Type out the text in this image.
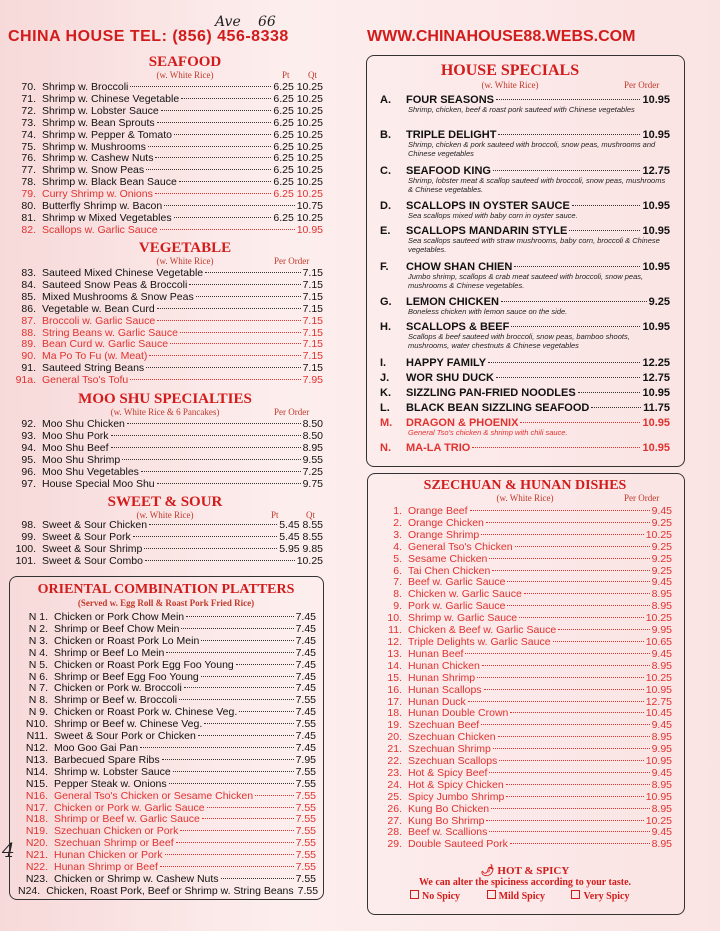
CHINA HOUSE TEL: (856) 456-8338	WWW.CHINAHOUSE88.WEBS.COM
Ave 66
4
SEAFOOD
(w. White Rice)	Pt Qt
70. Shrimp w. Broccoli	6.25 10.25
71. Shrimp w. Chinese Vegetable	6.25 10.25
72. Shrimp w. Lobster Sauce	6.25 10.25
73. Shrimp w. Bean Sprouts	6.25 10.25
74. Shrimp w. Pepper & Tomato	6.25 10.25
75. Shrimp w. Mushrooms	6.25 10.25
76. Shrimp w. Cashew Nuts	6.25 10.25
77. Shrimp w. Snow Peas	6.25 10.25
78. Shrimp w. Black Bean Sauce	6.25 10.25
79. Curry Shrimp w. Onions	6.25 10.25
80. Butterfly Shrimp w. Bacon	10.75
81. Shrimp w Mixed Vegetables	6.25 10.25
82. Scallops w. Garlic Sauce	10.95
VEGETABLE
(w. White Rice)	Per Order
83. Sauteed Mixed Chinese Vegetable	7.15
84. Sauteed Snow Peas & Broccoli	7.15
85. Mixed Mushrooms & Snow Peas	7.15
86. Vegetable w. Bean Curd	7.15
87. Broccoli w. Garlic Sauce	7.15
88. String Beans w. Garlic Sauce	7.15
89. Bean Curd w. Garlic Sauce	7.15
90. Ma Po To Fu (w. Meat)	7.15
91. Sauteed String Beans	7.15
91a. General Tso's Tofu	7.95
MOO SHU SPECIALTIES
(w. White Rice & 6 Pancakes)	Per Order
92. Moo Shu Chicken	8.50
93. Moo Shu Pork	8.50
94. Moo Shu Beef	8.95
95. Moo Shu Shrimp	9.55
96. Moo Shu Vegetables	7.25
97. House Special Moo Shu	9.75
SWEET & SOUR
(w. White Rice)	Pt	Qt
98. Sweet & Sour Chicken	5.45 8.55
99. Sweet & Sour Pork	5.45 8.55
100. Sweet & Sour Shrimp	5.95 9.85
101. Sweet & Sour Combo	10.25
ORIENTAL COMBINATION PLATTERS
(Served w. Egg Roll & Roast Pork Fried Rice)
N 1. Chicken or Pork Chow Mein	7.45
N 2. Shrimp or Beef Chow Mein	7.45
N 3. Chicken or Roast Pork Lo Mein	7.45
N 4. Shrimp or Beef Lo Mein	7.45
N 5. Chicken or Roast Pork Egg Foo Young	7.45
N 6. Shrimp or Beef Egg Foo Young	7.45
N 7. Chicken or Pork w. Broccoli	7.45
N 8. Shrimp or Beef w. Broccoli	7.55
N 9. Chicken or Roast Pork w. Chinese Veg.	7.45
N10. Shrimp or Beef w. Chinese Veg.	7.55
N11. Sweet & Sour Pork or Chicken	7.45
N12. Moo Goo Gai Pan	7.45
N13. Barbecued Spare Ribs	7.95
N14. Shrimp w. Lobster Sauce	7.55
N15. Pepper Steak w. Onions	7.55
N16. General Tso's Chicken or Sesame Chicken	7.55
N17. Chicken or Pork w. Garlic Sauce	7.55
N18. Shrimp or Beef w. Garlic Sauce	7.55
N19. Szechuan Chicken or Pork	7.55
N20. Szechuan Shrimp or Beef	7.55
N21. Hunan Chicken or Pork	7.55
N22. Hunan Shrimp or Beef	7.55
N23. Chicken or Shrimp w. Cashew Nuts	7.55
N24. Chicken, Roast Pork, Beef or Shrimp w. String Beans 7.55
HOUSE SPECIALS
(w. White Rice)	Per Order
A.	FOUR SEASONS	10.95
Shrimp, chicken, beef & roast pork sauteed with Chinese vegetables
B.	TRIPLE DELIGHT	10.95
Shrimp, chicken & pork sauteed with broccoli, snow peas, mushrooms and Chinese vegetables
C.	SEAFOOD KING	12.75
Shrimp, lobster meat & scallop sauteed with broccoli, snow peas, mushrooms & Chinese vegetables.
D.	SCALLOPS IN OYSTER SAUCE	10.95
Sea scallops mixed with baby corn in oyster sauce.
E.	SCALLOPS MANDARIN STYLE	10.95
Sea scallops sauteed with straw mushrooms, baby corn, broccoli & Chinese vegetables.
F.	CHOW SHAN CHIEN	10.95
Jumbo shrimp, scallops & crab meat sauteed with broccoli, snow peas, mushrooms & Chinese vegetables.
G.	LEMON CHICKEN	9.25
Boneless chicken with lemon sauce on the side.
H.	SCALLOPS & BEEF	10.95
Scallops & beef sauteed with broccoli, snow peas, bamboo shoots, mushrooms, water chestnuts & Chinese vegetables
I.	HAPPY FAMILY	12.25
J.	WOR SHU DUCK	12.75
K.	SIZZLING PAN-FRIED NOODLES	10.95
L.	BLACK BEAN SIZZLING SEAFOOD	11.75
M.	DRAGON & PHOENIX	10.95
General Tso's chicken & shrimp with chili sauce.
N.	MA-LA TRIO	10.95
SZECHUAN & HUNAN DISHES
(w. White Rice)	Per Order
1. Orange Beef	9.45
2. Orange Chicken	9.25
3. Orange Shrimp	10.25
4. General Tso's Chicken	9.25
5. Sesame Chicken	9.25
6. Tai Chen Chicken	9.25
7. Beef w. Garlic Sauce	9.45
8. Chicken w. Garlic Sauce	8.95
9. Pork w. Garlic Sauce	8.95
10. Shrimp w. Garlic Sauce	10.25
11. Chicken & Beef w. Garlic Sauce	9.95
12. Triple Delights w. Garlic Sauce	10.65
13. Hunan Beef	9.45
14. Hunan Chicken	8.95
15. Hunan Shrimp	10.25
16. Hunan Scallops	10.95
17. Hunan Duck	12.75
18. Hunan Double Crown	10.45
19. Szechuan Beef	9.45
20. Szechuan Chicken	8.95
21. Szechuan Shrimp	9.95
22. Szechuan Scallops	10.95
23. Hot & Spicy Beef	9.45
24. Hot & Spicy Chicken	8.95
25. Spicy Jumbo Shrimp	10.95
26. Kung Bo Chicken	8.95
27. Kung Bo Shrimp	10.25
28. Beef w. Scallions	9.45
29. Double Sauteed Pork	8.95
🌶︎ HOT & SPICY
We can alter the spiciness according to your taste.
No Spicy	Mild Spicy	Very Spicy
